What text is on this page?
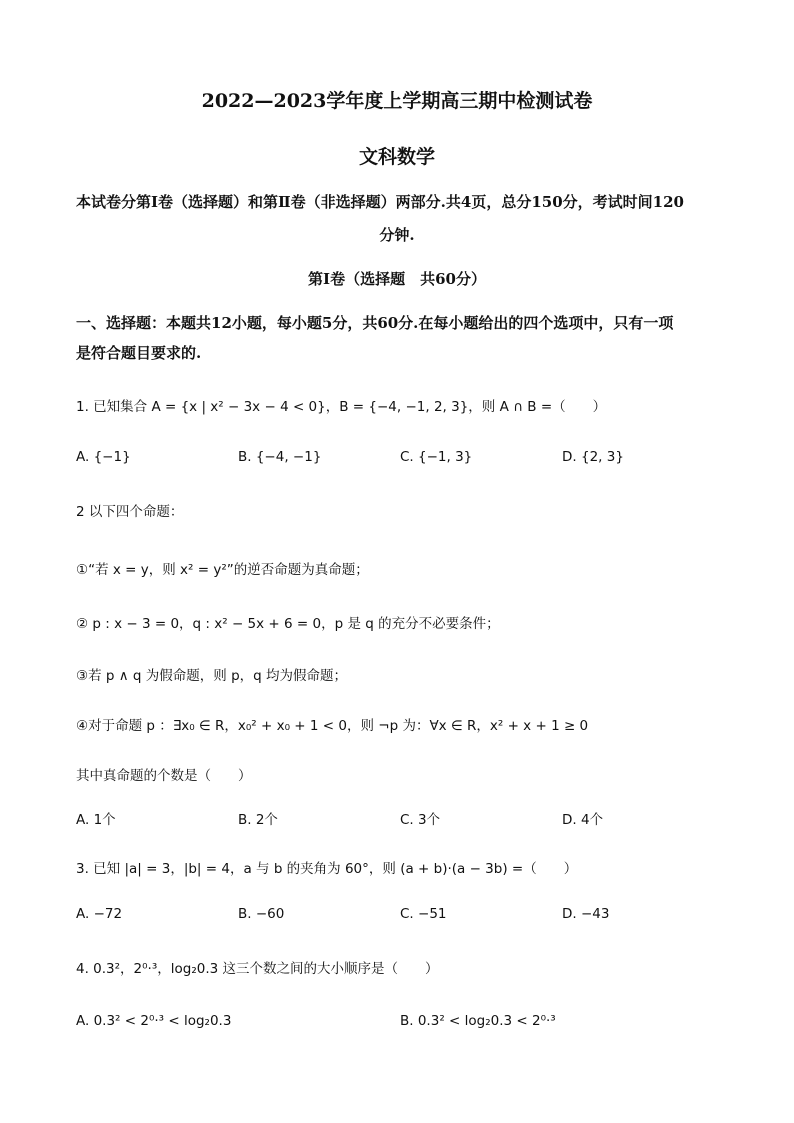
2022—2023学年度上学期高三期中检测试卷
文科数学
本试卷分第Ⅰ卷（选择题）和第Ⅱ卷（非选择题）两部分.共4页，总分150分，考试时间120
分钟.
第Ⅰ卷（选择题　共60分）
一、选择题：本题共12小题，每小题5分，共60分.在每小题给出的四个选项中，只有一项
是符合题目要求的.
1. 已知集合 A = {x | x² − 3x − 4 < 0}，B = {−4, −1, 2, 3}，则 A ∩ B =（　　）
A. {−1}	B. {−4, −1}	C. {−1, 3}	D. {2, 3}
2 以下四个命题：
①“若 x = y，则 x² = y²”的逆否命题为真命题；
② p : x − 3 = 0，q : x² − 5x + 6 = 0，p 是 q 的充分不必要条件；
③若 p ∧ q 为假命题，则 p，q 均为假命题；
④对于命题 p ：∃x₀ ∈ R，x₀² + x₀ + 1 < 0，则 ¬p 为：∀x ∈ R，x² + x + 1 ≥ 0
其中真命题的个数是（　　）
A. 1个	B. 2个	C. 3个	D. 4个
3. 已知 |a| = 3，|b| = 4，a 与 b 的夹角为 60°，则 (a + b)·(a − 3b) =（　　）
A. −72	B. −60	C. −51	D. −43
4. 0.3²，2⁰·³，log₂0.3 这三个数之间的大小顺序是（　　）
A. 0.3² < 2⁰·³ < log₂0.3	B. 0.3² < log₂0.3 < 2⁰·³
